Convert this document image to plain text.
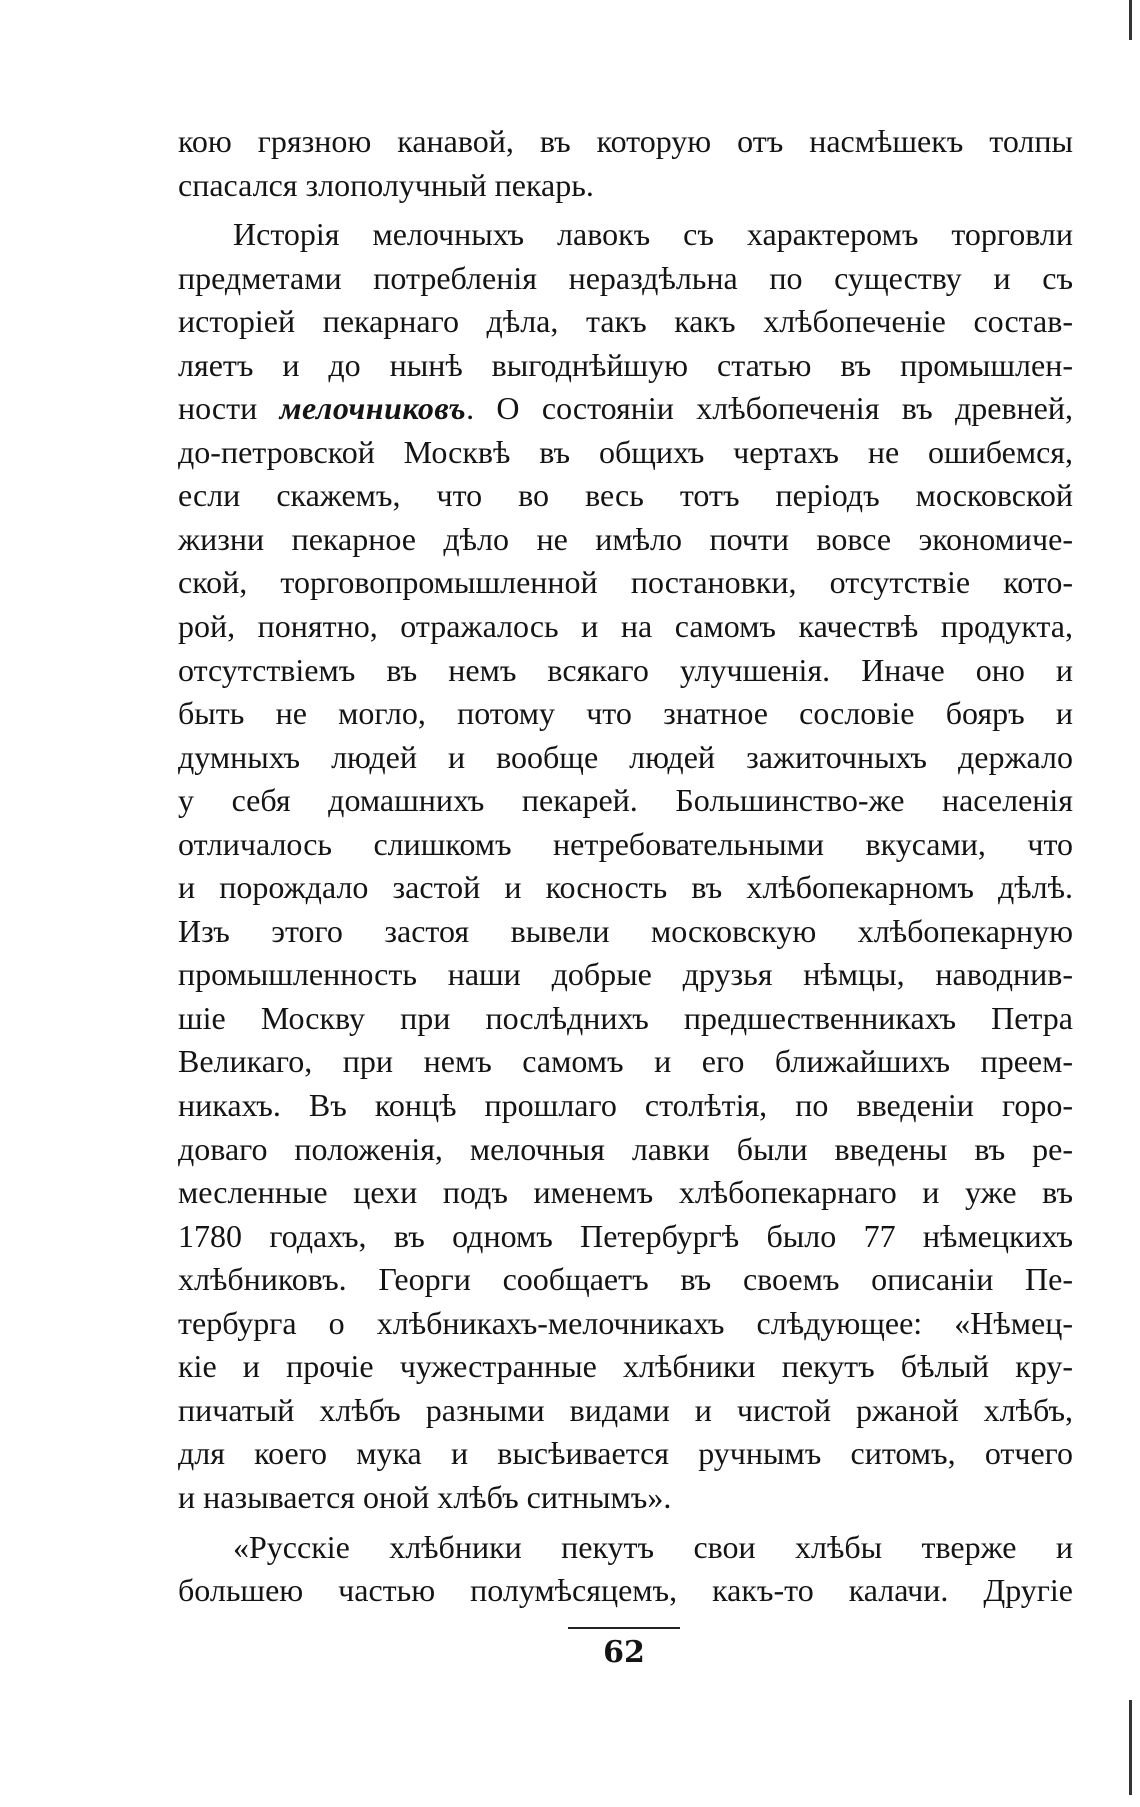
кою грязною канавой, въ которую отъ насмѣшекъ толпы
спасался злополучный пекарь.
Исторія мелочныхъ лавокъ съ характеромъ торговли
предметами потребленія нераздѣльна по существу и съ
исторіей пекарнаго дѣла, такъ какъ хлѣбопеченіе состав-
ляетъ и до нынѣ выгоднѣйшую статью въ промышлен-
ности мелочниковъ. О состояніи хлѣбопеченія въ древней,
до-петровской Москвѣ въ общихъ чертахъ не ошибемся,
если скажемъ, что во весь тотъ періодъ московской
жизни пекарное дѣло не имѣло почти вовсе экономиче-
ской, торговопромышленной постановки, отсутствіе кото-
рой, понятно, отражалось и на самомъ качествѣ продукта,
отсутствіемъ въ немъ всякаго улучшенія. Иначе оно и
быть не могло, потому что знатное сословіе бояръ и
думныхъ людей и вообще людей зажиточныхъ держало
у себя домашнихъ пекарей. Большинство-же населенія
отличалось слишкомъ нетребовательными вкусами, что
и порождало застой и косность въ хлѣбопекарномъ дѣлѣ.
Изъ этого застоя вывели московскую хлѣбопекарную
промышленность наши добрые друзья нѣмцы, наводнив-
шіе Москву при послѣднихъ предшественникахъ Петра
Великаго, при немъ самомъ и его ближайшихъ преем-
никахъ. Въ концѣ прошлаго столѣтія, по введеніи горо-
доваго положенія, мелочныя лавки были введены въ ре-
месленные цехи подъ именемъ хлѣбопекарнаго и уже въ
1780 годахъ, въ одномъ Петербургѣ было 77 нѣмецкихъ
хлѣбниковъ. Георги сообщаетъ въ своемъ описаніи Пе-
тербурга о хлѣбникахъ-мелочникахъ слѣдующее: «Нѣмец-
кіе и прочіе чужестранные хлѣбники пекутъ бѣлый кру-
пичатый хлѣбъ разными видами и чистой ржаной хлѣбъ,
для коего мука и высѣивается ручнымъ ситомъ, отчего
и называется оной хлѣбъ ситнымъ».
«Русскіе хлѣбники пекутъ свои хлѣбы тверже и
большею частью полумѣсяцемъ, какъ-то калачи. Другіе
62
